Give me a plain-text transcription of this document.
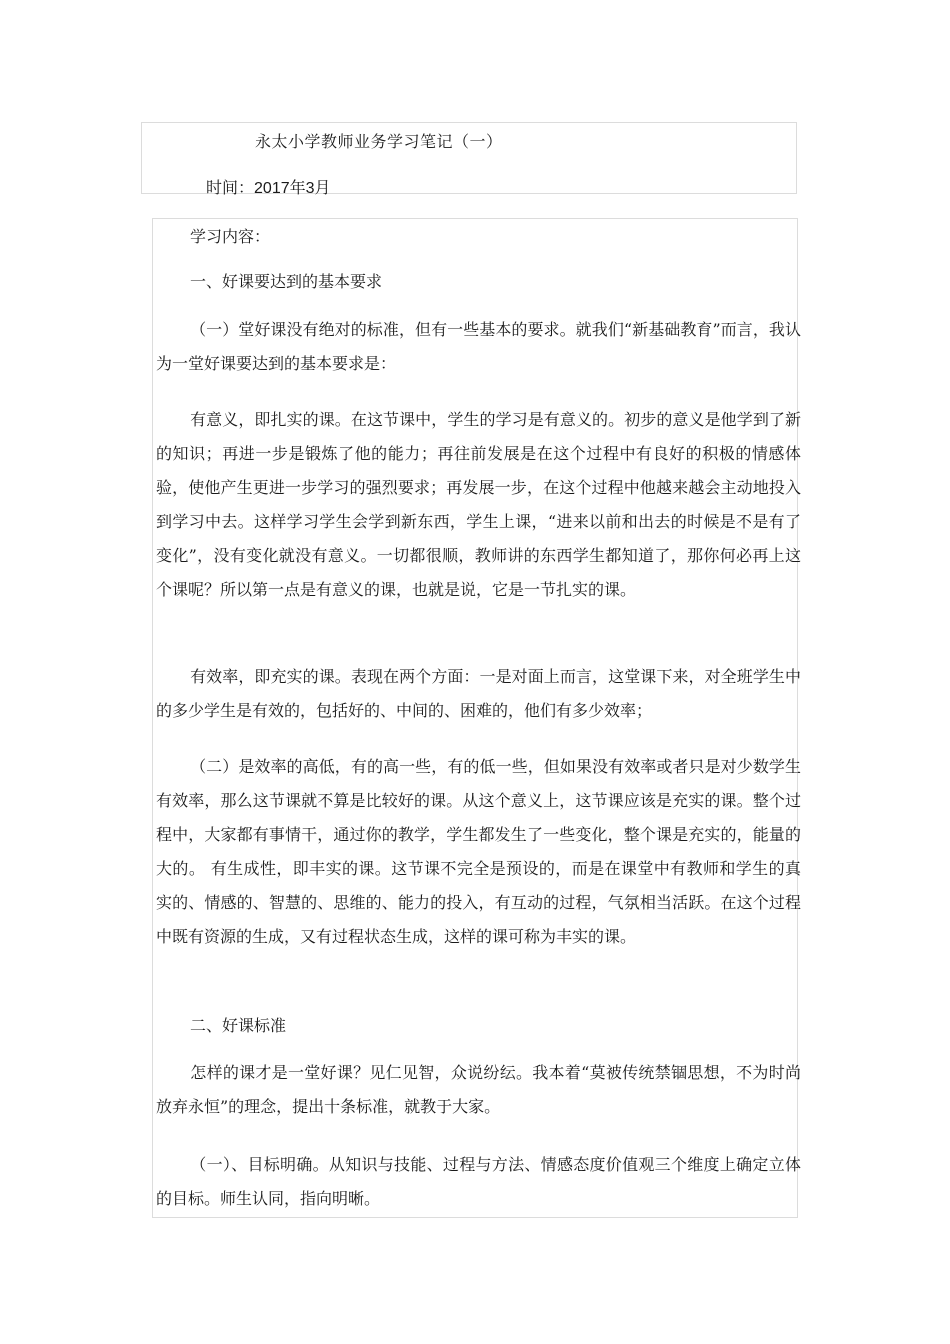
永太小学教师业务学习笔记（一）
时间：2017年3月

学习内容：

一、好课要达到的基本要求

（一）堂好课没有绝对的标准，但有一些基本的要求。就我们“新基础教育”而言，我认为一堂好课要达到的基本要求是：

有意义，即扎实的课。在这节课中，学生的学习是有意义的。初步的意义是他学到了新的知识；再进一步是锻炼了他的能力；再往前发展是在这个过程中有良好的积极的情感体验，使他产生更进一步学习的强烈要求；再发展一步，在这个过程中他越来越会主动地投入到学习中去。这样学习学生会学到新东西，学生上课，“进来以前和出去的时候是不是有了变化”，没有变化就没有意义。一切都很顺，教师讲的东西学生都知道了，那你何必再上这个课呢？所以第一点是有意义的课，也就是说，它是一节扎实的课。

有效率，即充实的课。表现在两个方面：一是对面上而言，这堂课下来，对全班学生中的多少学生是有效的，包括好的、中间的、困难的，他们有多少效率；

（二）是效率的高低，有的高一些，有的低一些，但如果没有效率或者只是对少数学生有效率，那么这节课就不算是比较好的课。从这个意义上，这节课应该是充实的课。整个过程中，大家都有事情干，通过你的教学，学生都发生了一些变化，整个课是充实的，能量的大的。 有生成性，即丰实的课。这节课不完全是预设的，而是在课堂中有教师和学生的真实的、情感的、智慧的、思维的、能力的投入，有互动的过程，气氛相当活跃。在这个过程中既有资源的生成，又有过程状态生成，这样的课可称为丰实的课。

二、好课标准

怎样的课才是一堂好课？见仁见智，众说纷纭。我本着“莫被传统禁锢思想，不为时尚放弃永恒”的理念，提出十条标准，就教于大家。

（一）、目标明确。从知识与技能、过程与方法、情感态度价值观三个维度上确定立体的目标。师生认同，指向明晰。
